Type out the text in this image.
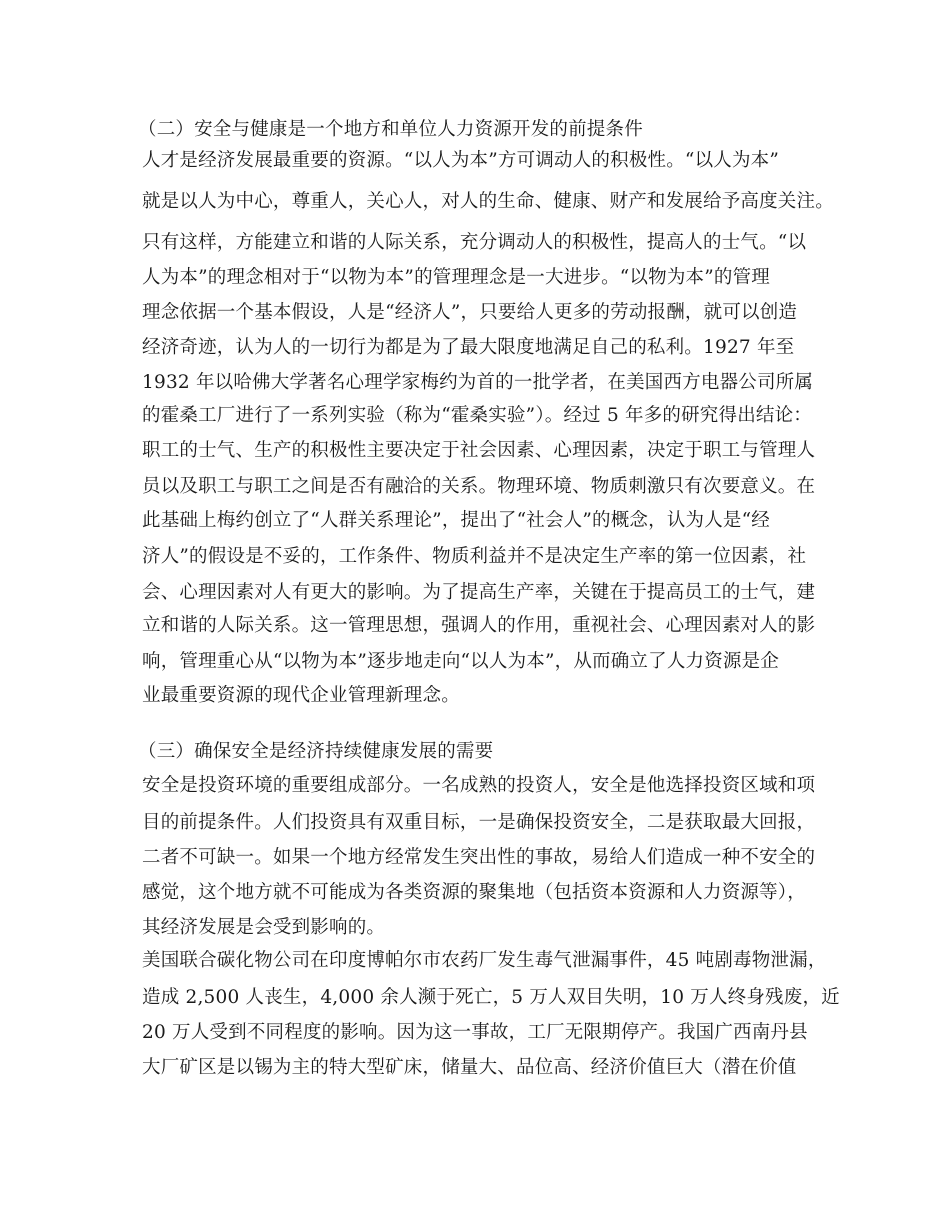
（二）安全与健康是一个地方和单位人力资源开发的前提条件
人才是经济发展最重要的资源。“以人为本”方可调动人的积极性。“以人为本”
就是以人为中心，尊重人，关心人，对人的生命、健康、财产和发展给予高度关注。
只有这样，方能建立和谐的人际关系，充分调动人的积极性，提高人的士气。“以
人为本”的理念相对于“以物为本”的管理理念是一大进步。“以物为本”的管理
理念依据一个基本假设，人是“经济人”，只要给人更多的劳动报酬，就可以创造
经济奇迹，认为人的一切行为都是为了最大限度地满足自己的私利。1927 年至
1932 年以哈佛大学著名心理学家梅约为首的一批学者，在美国西方电器公司所属
的霍桑工厂进行了一系列实验（称为“霍桑实验”）。经过 5 年多的研究得出结论：
职工的士气、生产的积极性主要决定于社会因素、心理因素，决定于职工与管理人
员以及职工与职工之间是否有融洽的关系。物理环境、物质刺激只有次要意义。在
此基础上梅约创立了“人群关系理论”，提出了“社会人”的概念，认为人是“经
济人”的假设是不妥的，工作条件、物质利益并不是决定生产率的第一位因素，社
会、心理因素对人有更大的影响。为了提高生产率，关键在于提高员工的士气，建
立和谐的人际关系。这一管理思想，强调人的作用，重视社会、心理因素对人的影
响，管理重心从“以物为本”逐步地走向“以人为本”，从而确立了人力资源是企
业最重要资源的现代企业管理新理念。
（三）确保安全是经济持续健康发展的需要
安全是投资环境的重要组成部分。一名成熟的投资人，安全是他选择投资区域和项
目的前提条件。人们投资具有双重目标，一是确保投资安全，二是获取最大回报，
二者不可缺一。如果一个地方经常发生突出性的事故，易给人们造成一种不安全的
感觉，这个地方就不可能成为各类资源的聚集地（包括资本资源和人力资源等），
其经济发展是会受到影响的。
美国联合碳化物公司在印度博帕尔市农药厂发生毒气泄漏事件，45 吨剧毒物泄漏，
造成 2,500 人丧生，4,000 余人濒于死亡，5 万人双目失明，10 万人终身残废，近
20 万人受到不同程度的影响。因为这一事故，工厂无限期停产。我国广西南丹县
大厂矿区是以锡为主的特大型矿床，储量大、品位高、经济价值巨大（潜在价值
